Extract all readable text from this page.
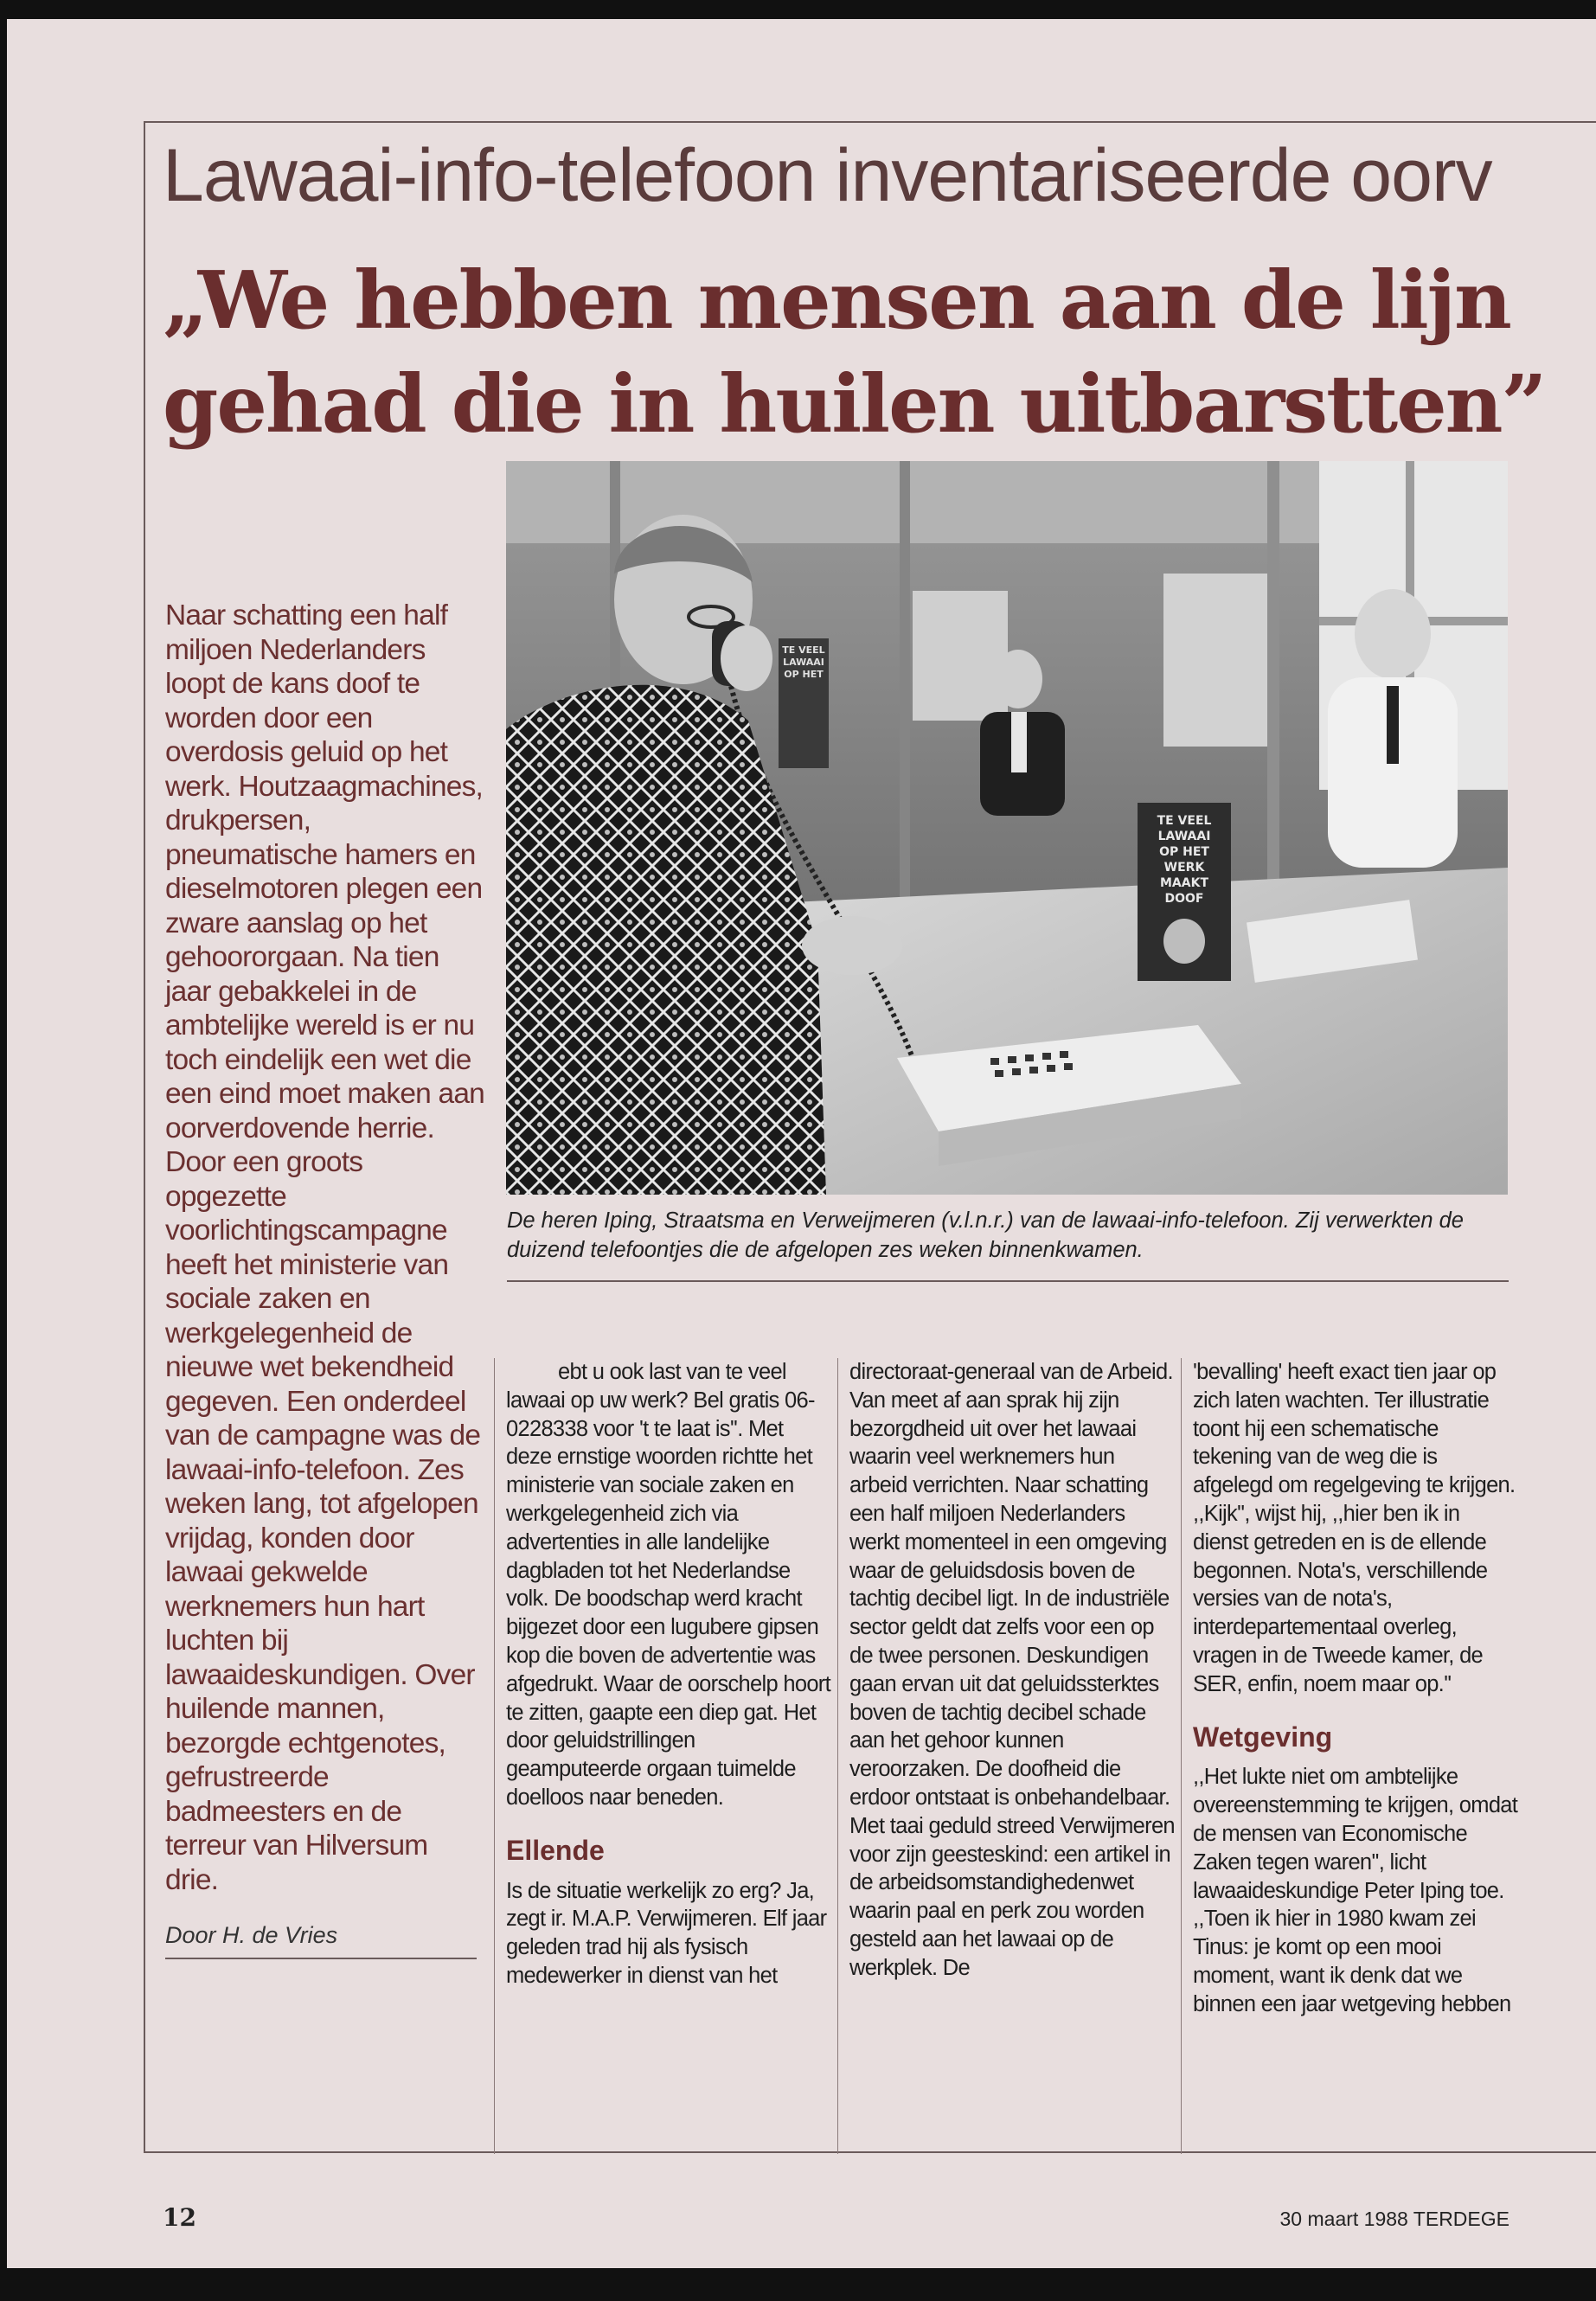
Lawaai-info-telefoon inventariseerde oorv
„We hebben mensen aan de lijn
gehad die in huilen uitbarstten”
Naar schatting een half miljoen Nederlanders loopt de kans doof te worden door een overdosis geluid op het werk. Houtzaagmachines, drukpersen, pneumatische hamers en dieselmotoren plegen een zware aanslag op het gehoororgaan. Na tien jaar gebakkelei in de ambtelijke wereld is er nu toch eindelijk een wet die een eind moet maken aan oorverdovende herrie. Door een groots opgezette voorlichtingscampagne heeft het ministerie van sociale zaken en werkgelegenheid de nieuwe wet bekendheid gegeven. Een onderdeel van de campagne was de lawaai-info-telefoon. Zes weken lang, tot afgelopen vrijdag, konden door lawaai gekwelde werknemers hun hart luchten bij lawaaideskundigen. Over huilende mannen, bezorgde echtgenotes, gefrustreerde badmeesters en de terreur van Hilversum drie.
Door H. de Vries
TE VEEL
LAWAAI
OP HET
TE VEEL
LAWAAI
OP HET
WERK
MAAKT
DOOF
De heren Iping, Straatsma en Verweijmeren (v.l.n.r.) van de lawaai-info-telefoon. Zij verwerkten de duizend telefoontjes die de afgelopen zes weken binnenkwamen.

ebt u ook last van te veel lawaai op uw werk? Bel gratis 06-0228338 voor 't te laat is''. Met deze ernstige woorden richtte het ministerie van sociale zaken en werkgelegenheid zich via advertenties in alle landelijke dagbladen tot het Nederlandse volk. De boodschap werd kracht bijgezet door een lugubere gipsen kop die boven de advertentie was afgedrukt. Waar de oorschelp hoort te zitten, gaapte een diep gat. Het door geluidstrillingen geamputeerde orgaan tuimelde doelloos naar beneden.

Ellende

Is de situatie werkelijk zo erg? Ja, zegt ir. M.A.P. Verwijmeren. Elf jaar geleden trad hij als fysisch medewerker in dienst van het

directoraat-generaal van de Arbeid. Van meet af aan sprak hij zijn bezorgdheid uit over het lawaai waarin veel werknemers hun arbeid verrichten. Naar schatting een half miljoen Nederlanders werkt momenteel in een omgeving waar de geluidsdosis boven de tachtig decibel ligt. In de industriële sector geldt dat zelfs voor een op de twee personen. Deskundigen gaan ervan uit dat geluidssterktes boven de tachtig decibel schade aan het gehoor kunnen veroorzaken. De doofheid die erdoor ontstaat is onbehandelbaar.

Met taai geduld streed Verwijmeren voor zijn geesteskind: een artikel in de arbeidsomstandighedenwet waarin paal en perk zou worden gesteld aan het lawaai op de werkplek. De

'bevalling' heeft exact tien jaar op zich laten wachten. Ter illustratie toont hij een schematische tekening van de weg die is afgelegd om regelgeving te krijgen. ,,Kijk'', wijst hij, ,,hier ben ik in dienst getreden en is de ellende begonnen. Nota's, verschillende versies van de nota's, interdepartementaal overleg, vragen in de Tweede kamer, de SER, enfin, noem maar op.''

Wetgeving

,,Het lukte niet om ambtelijke overeenstemming te krijgen, omdat de mensen van Economische Zaken tegen waren'', licht lawaaideskundige Peter Iping toe. ,,Toen ik hier in 1980 kwam zei Tinus: je komt op een mooi moment, want ik denk dat we binnen een jaar wetgeving hebben

12	30 maart 1988 TERDEGE
